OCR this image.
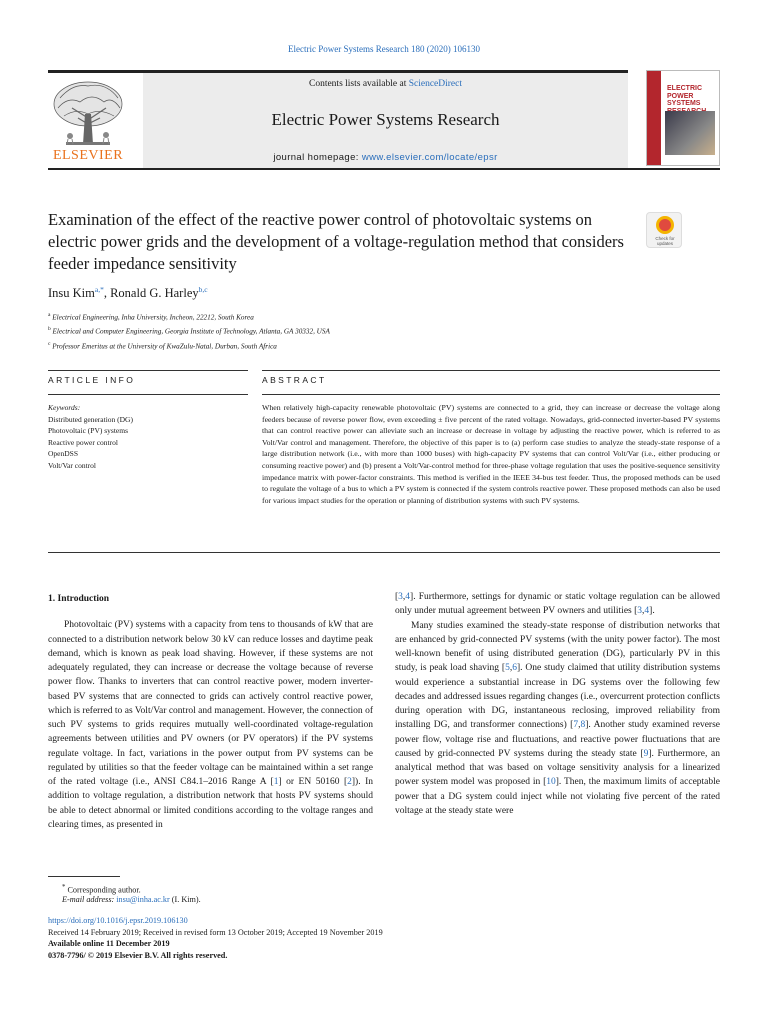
Electric Power Systems Research 180 (2020) 106130
ELSEVIER
Contents lists available at ScienceDirect
Electric Power Systems Research
journal homepage: www.elsevier.com/locate/epsr
ELECTRIC POWER
SYSTEMS
Examination of the effect of the reactive power control of photovoltaic systems on electric power grids and the development of a voltage-regulation method that considers feeder impedance sensitivity
Check for
updates
Insu Kim$^{a,*}$, Ronald G. Harley$^{b,c}$
$^a$ Electrical Engineering, Inha University, Incheon, 22212, South Korea
$^b$ Electrical and Computer Engineering, Georgia Institute of Technology, Atlanta, GA 30332, USA
$^c$ Professor Emeritus at the University of KwaZulu-Natal, Durban, South Africa
ARTICLE INFO	ABSTRACT
Keywords:
Distributed generation (DG)
Photovoltaic (PV) systems
Reactive power control
OpenDSS
Volt/Var control
When relatively high-capacity renewable photovoltaic (PV) systems are connected to a grid, they can increase or decrease the voltage along feeders because of reverse power flow, even exceeding ± five percent of the rated voltage. Nowadays, grid-connected inverter-based PV systems that can control reactive power can alleviate such an increase or decrease in voltage by adjusting the reactive power, which is referred to as Volt/Var control and management. Therefore, the objective of this paper is to (a) perform case studies to analyze the steady-state response of a large distribution network (i.e., with more than 1000 buses) with high-capacity PV systems that can control Volt/Var (i.e., either producing or consuming reactive power) and (b) present a Volt/Var-control method for three-phase voltage regulation that uses the positive-sequence sensitivity impedance matrix with power-factor constraints. This method is verified in the IEEE 34-bus test feeder. Thus, the proposed methods can be used to regulate the voltage of a bus to which a PV system is connected if the system controls reactive power. These proposed methods can also be used for various impact studies for the operation or planning of distribution systems with such PV systems.
1. Introduction

Photovoltaic (PV) systems with a capacity from tens to thousands of kW that are connected to a distribution network below 30 kV can reduce losses and daytime peak demand, which is known as peak load shaving. However, if these systems are not adequately regulated, they can increase or decrease the voltage because of reverse power flow. Thanks to inverters that can control reactive power, modern inverter-based PV systems that are connected to grids can actively control reactive power, which is referred to as Volt/Var control and management. However, the connection of such PV systems to grids requires mutually well-coordinated voltage-regulation agreements between utilities and PV owners (or PV operators) if the PV systems regulate voltage. In fact, variations in the power output from PV systems can be regulated by utilities so that the feeder voltage can be maintained within a set range of the rated voltage (i.e., ANSI C84.1–2016 Range A [1] or EN 50160 [2]). In addition to voltage regulation, a distribution network that hosts PV systems should be able to detect abnormal or limited conditions according to the voltage ranges and clearing times, as presented in

[3,4]. Furthermore, settings for dynamic or static voltage regulation can be allowed only under mutual agreement between PV owners and utilities [3,4].

Many studies examined the steady-state response of distribution networks that are enhanced by grid-connected PV systems (with the unity power factor). The most well-known benefit of using distributed generation (DG), particularly PV in this study, is peak load shaving [5,6]. One study claimed that utility distribution systems would experience a substantial increase in DG systems over the following few decades and addressed issues regarding changes (i.e., overcurrent protection conflicts during operation with DG, instantaneous reclosing, improved reliability from installing DG, and transformer connections) [7,8]. Another study examined reverse power flow, voltage rise and fluctuations, and reactive power fluctuations that are caused by grid-connected PV systems during the steady state [9]. Furthermore, an analytical method that was based on voltage sensitivity analysis for a linearized power system model was proposed in [10]. Then, the maximum limits of acceptable power that a DG system could inject while not violating five percent of the rated voltage at the steady state were

* Corresponding author.
E-mail address: insu@inha.ac.kr (I. Kim).
https://doi.org/10.1016/j.epsr.2019.106130
Received 14 February 2019; Received in revised form 13 October 2019; Accepted 19 November 2019
Available online 11 December 2019
0378-7796/ © 2019 Elsevier B.V. All rights reserved.
